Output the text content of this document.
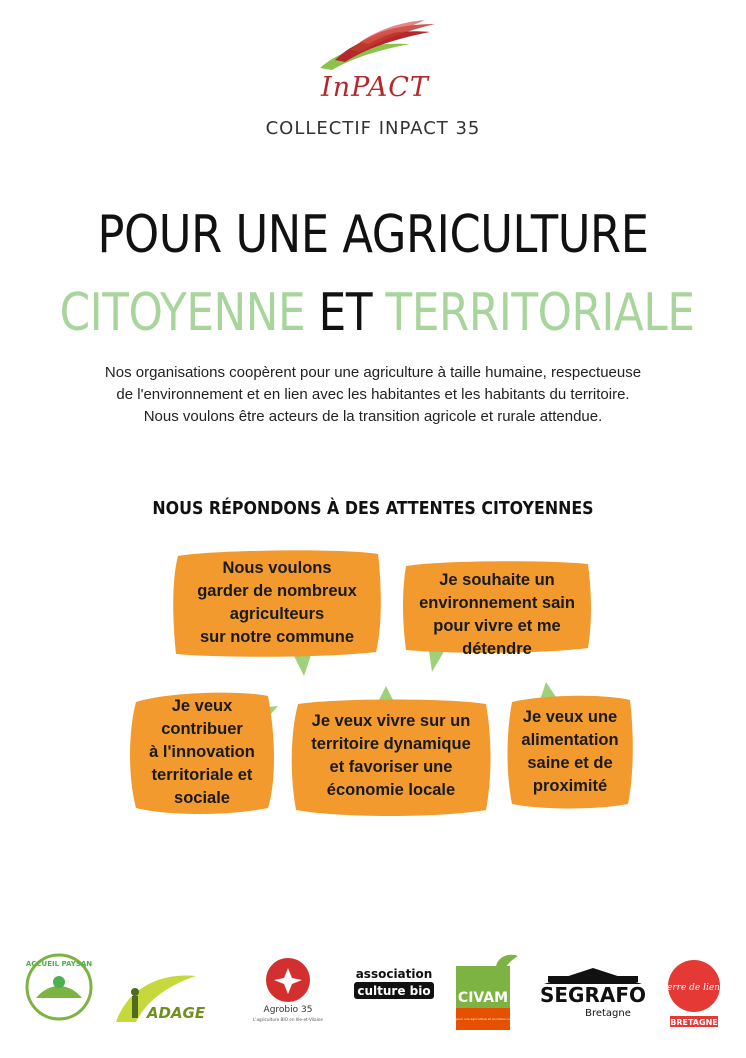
InPACT
COLLECTIF INPACT 35
POUR UNE AGRICULTURE
CITOYENNE ET TERRITORIALE
Nos organisations coopèrent pour une agriculture à taille humaine, respectueuse
de l'environnement et en lien avec les habitantes et les habitants du territoire.
Nous voulons être acteurs de la transition agricole et rurale attendue.
NOUS RÉPONDONS À DES ATTENTES CITOYENNES
Nous voulons
garder de nombreux
agriculteurs
sur notre commune
Je souhaite un
environnement sain
pour vivre et me
détendre
Je veux
contribuer
à l'innovation
territoriale et
sociale
Je veux vivre sur un
territoire dynamique
et favoriser une
économie locale
Je veux une
alimentation
saine et de
proximité
ACCUEIL PAYSAN
ADAGE	Agrobio 35
L'agriculture BIO en Ille-et-Vilaine
association
culture bio CIVAM
Initiatives pour une agriculture et un milieu rural vivants
SEGRAFO
Bretagne
terre de liens
BRETAGNE
